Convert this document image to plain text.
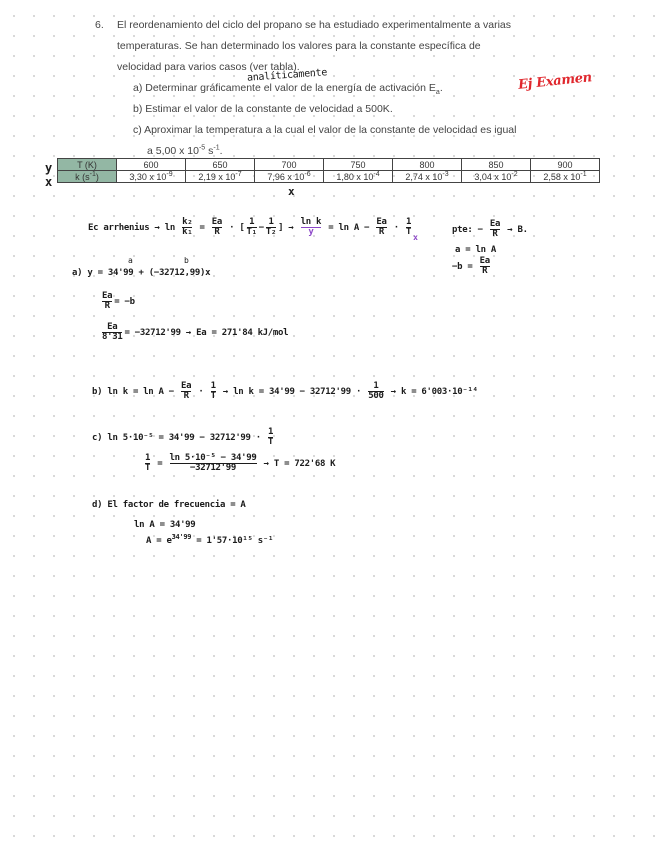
6. El reordenamiento del ciclo del propano se ha estudiado experimentalmente a varias
temperaturas. Se han determinado los valores para la constante específica de
velocidad para varios casos (ver tabla).
a) Determinar gráficamente el valor de la energía de activación $E_a$.
b) Estimar el valor de la constante de velocidad a 500K.
c) Aproximar la temperatura a la cual el valor de la constante de velocidad es igual
a 5,00 x $10^{-5}$ $s^{-1}$.
analíticamente	Ej Examen
y
x
T (K)	600	650	700	750	800	850	900
k $(s^{-1})$	3,30 x $10^{-9}$	2,19 x $10^{-7}$	7,96 x $10^{-6}$	1,80 x $10^{-4}$	2,74 x $10^{-3}$	3,04 x $10^{-2}$	2,58 x $10^{-1}$
x
Ec arrhenius → $\ln \frac{\text{k₂}}{\text{k₁}} = \frac{Ea}{R}$ · [ $\frac{1}{\text{T₁}} - \frac{1}{\text{T₂}}$ ] → $\frac{\text{ln k}}{y} = \ln A - \frac{Ea}{R} \cdot \frac{1}{T}$
x
pte: − $\frac{Ea}{R} \to B$.
a = ln A
$-b = \frac{Ea}{R}$
a	b
a) y = 34'99 + (−32712,99)x
$\frac{Ea}{R} = -b$
$\frac{Ea}{8'31} = -32712'99 \to Ea = 271'84$ kJ/mol
b) $\ln k = \ln A - \frac{Ea}{R} \cdot \frac{1}{T} \to \ln k = 34'99 - 32712'99 \cdot \frac{1}{500} \to k = 6'003\cdot 10^{-14}$
c) $\ln 5\cdot 10^{-5} = 34'99 - 32712'99 \cdot \frac{1}{T}$
$\frac{1}{T} = \frac{\text{ln 5·10⁻⁵ − 34'99}}{-32712'99} \to T = 722'68$ K
d) El factor de frecuencia = A
ln A = 34'99
$A = e^{34'99} = 1'57\cdot 10^{15}$ s⁻¹
